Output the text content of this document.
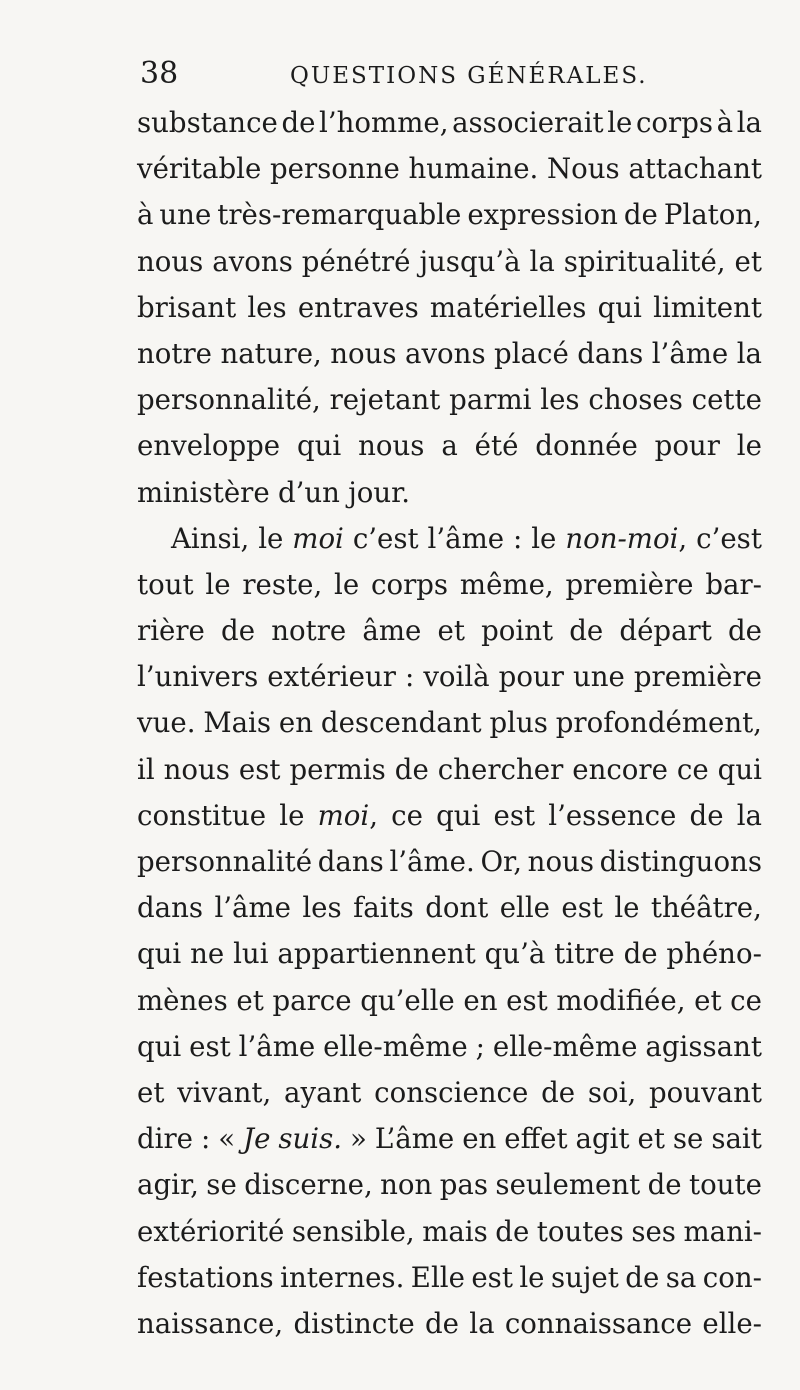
38	QUESTIONS GÉNÉRALES.
substance de l’homme, associerait le corps à la
véritable personne humaine. Nous attachant
à une très-remarquable expression de Platon,
nous avons pénétré jusqu’à la spiritualité, et
brisant les entraves matérielles qui limitent
notre nature, nous avons placé dans l’âme la
personnalité, rejetant parmi les choses cette
enveloppe qui nous a été donnée pour le
ministère d’un jour.
Ainsi, le moi c’est l’âme : le non-moi, c’est
tout le reste, le corps même, première bar-
rière de notre âme et point de départ de
l’univers extérieur : voilà pour une première
vue. Mais en descendant plus profondément,
il nous est permis de chercher encore ce qui
constitue le moi, ce qui est l’essence de la
personnalité dans l’âme. Or, nous distinguons
dans l’âme les faits dont elle est le théâtre,
qui ne lui appartiennent qu’à titre de phéno-
mènes et parce qu’elle en est modifiée, et ce
qui est l’âme elle-même ; elle-même agissant
et vivant, ayant conscience de soi, pouvant
dire : « Je suis. » L’âme en effet agit et se sait
agir, se discerne, non pas seulement de toute
extériorité sensible, mais de toutes ses mani-
festations internes. Elle est le sujet de sa con-
naissance, distincte de la connaissance elle-
